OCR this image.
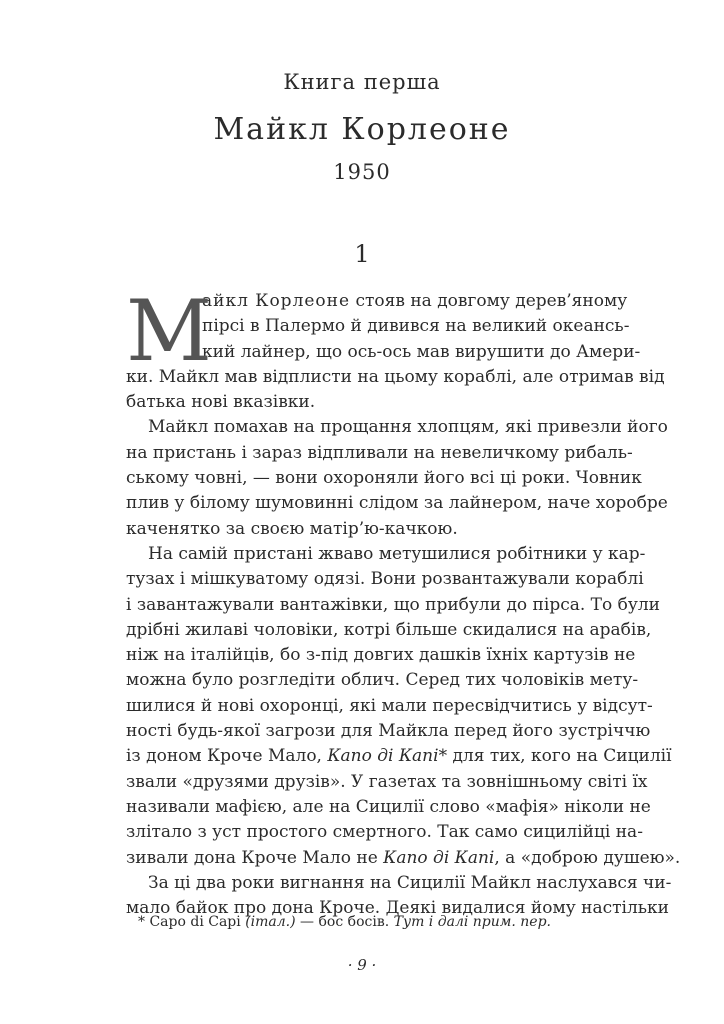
Книга перша
Майкл Корлеоне
1950
1
М
айкл Корлеоне стояв на довгому дерев’яному
пірсі в Палермо й дивився на великий океансь-
кий лайнер, що ось-ось мав вирушити до Амери-
ки. Майкл мав відплисти на цьому кораблі, але отримав від
батька нові вказівки.
Майкл помахав на прощання хлопцям, які привезли його
на пристань і зараз відпливали на невеличкому рибаль-
ському човні, — вони охороняли його всі ці роки. Човник
плив у білому шумовинні слідом за лайнером, наче хоробре
каченятко за своєю матір’ю-качкою.
На самій пристані жваво метушилися робітники у кар-
тузах і мішкуватому одязі. Вони розвантажували кораблі
і завантажували вантажівки, що прибули до пірса. То були
дрібні жилаві чоловіки, котрі більше скидалися на арабів,
ніж на італійців, бо з-під довгих дашків їхніх картузів не
можна було розгледіти облич. Серед тих чоловіків мету-
шилися й нові охоронці, які мали пересвідчитись у відсут-
ності будь-якої загрози для Майкла перед його зустріччю
із доном Кроче Мало, Капо ді Капі* для тих, кого на Сицилії
звали «друзями друзів». У газетах та зовнішньому світі їх
називали мафією, але на Сицилії слово «мафія» ніколи не
злітало з уст простого смертного. Так само сицилійці на-
зивали дона Кроче Мало не Капо ді Капі, а «доброю душею».
За ці два роки вигнання на Сицилії Майкл наслухався чи-
мало байок про дона Кроче. Деякі видалися йому настільки
* Capo di Capi (італ.) — бос босів. Тут і далі прим. пер.
· 9 ·
